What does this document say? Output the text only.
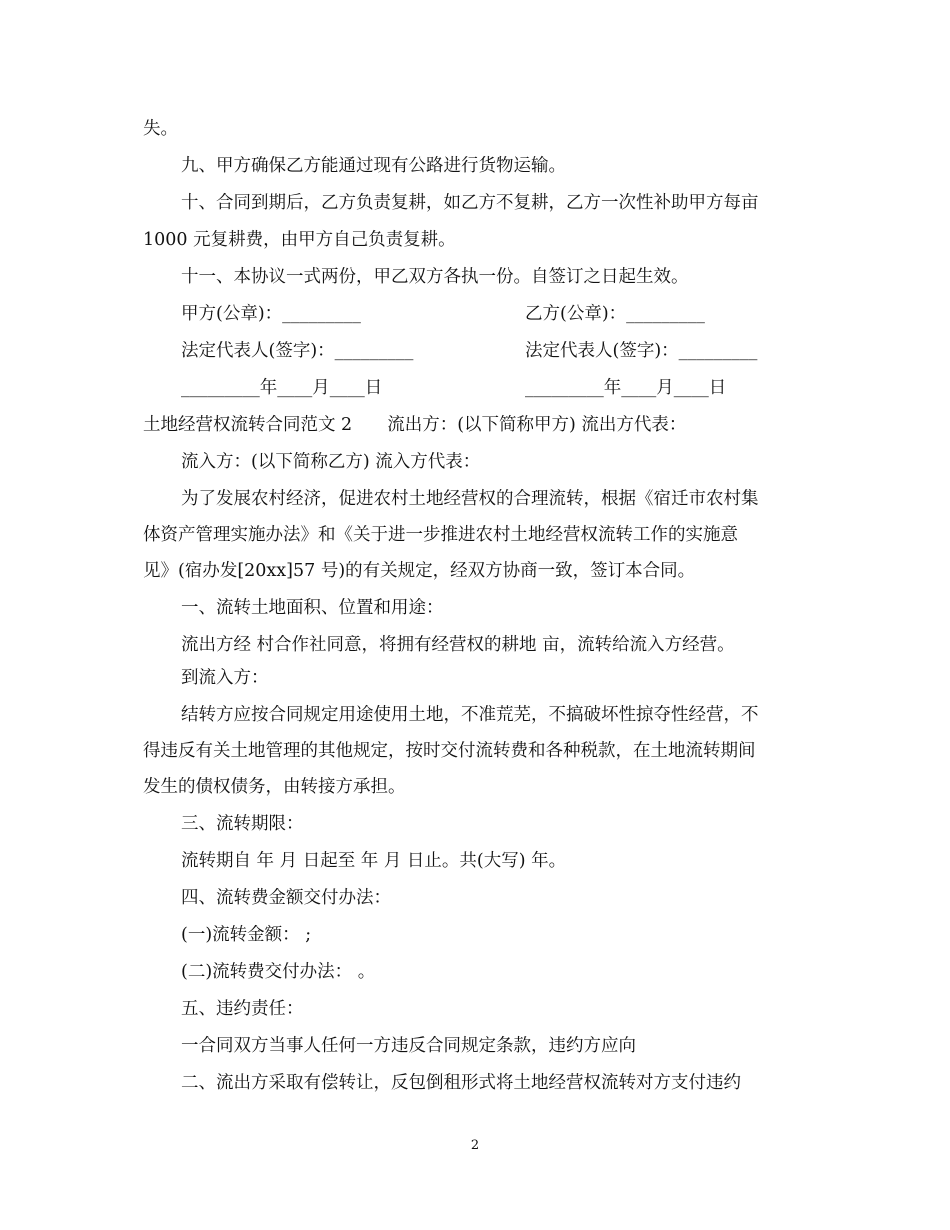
失。
九、甲方确保乙方能通过现有公路进行货物运输。
十、合同到期后，乙方负责复耕，如乙方不复耕，乙方一次性补助甲方每亩
1000 元复耕费，由甲方自己负责复耕。
十一、本协议一式两份，甲乙双方各执一份。自签订之日起生效。
甲方(公章)：_________	乙方(公章)：_________
法定代表人(签字)：_________	法定代表人(签字)：_________
_________年____月____日	_________年____月____日
土地经营权流转合同范文 2　　流出方：(以下简称甲方) 流出方代表：
流入方：(以下简称乙方) 流入方代表：
为了发展农村经济，促进农村土地经营权的合理流转，根据《宿迁市农村集
体资产管理实施办法》和《关于进一步推进农村土地经营权流转工作的实施意
见》(宿办发[20xx]57 号)的有关规定，经双方协商一致，签订本合同。
一、流转土地面积、位置和用途：
流出方经 村合作社同意，将拥有经营权的耕地 亩，流转给流入方经营。
到流入方：
结转方应按合同规定用途使用土地，不准荒芜，不搞破坏性掠夺性经营，不
得违反有关土地管理的其他规定，按时交付流转费和各种税款，在土地流转期间
发生的债权债务，由转接方承担。
三、流转期限：
流转期自 年 月 日起至 年 月 日止。共(大写) 年。
四、流转费金额交付办法：
(一)流转金额： ;
(二)流转费交付办法： 。
五、违约责任：
一合同双方当事人任何一方违反合同规定条款，违约方应向
二、流出方采取有偿转让，反包倒租形式将土地经营权流转对方支付违约
2
